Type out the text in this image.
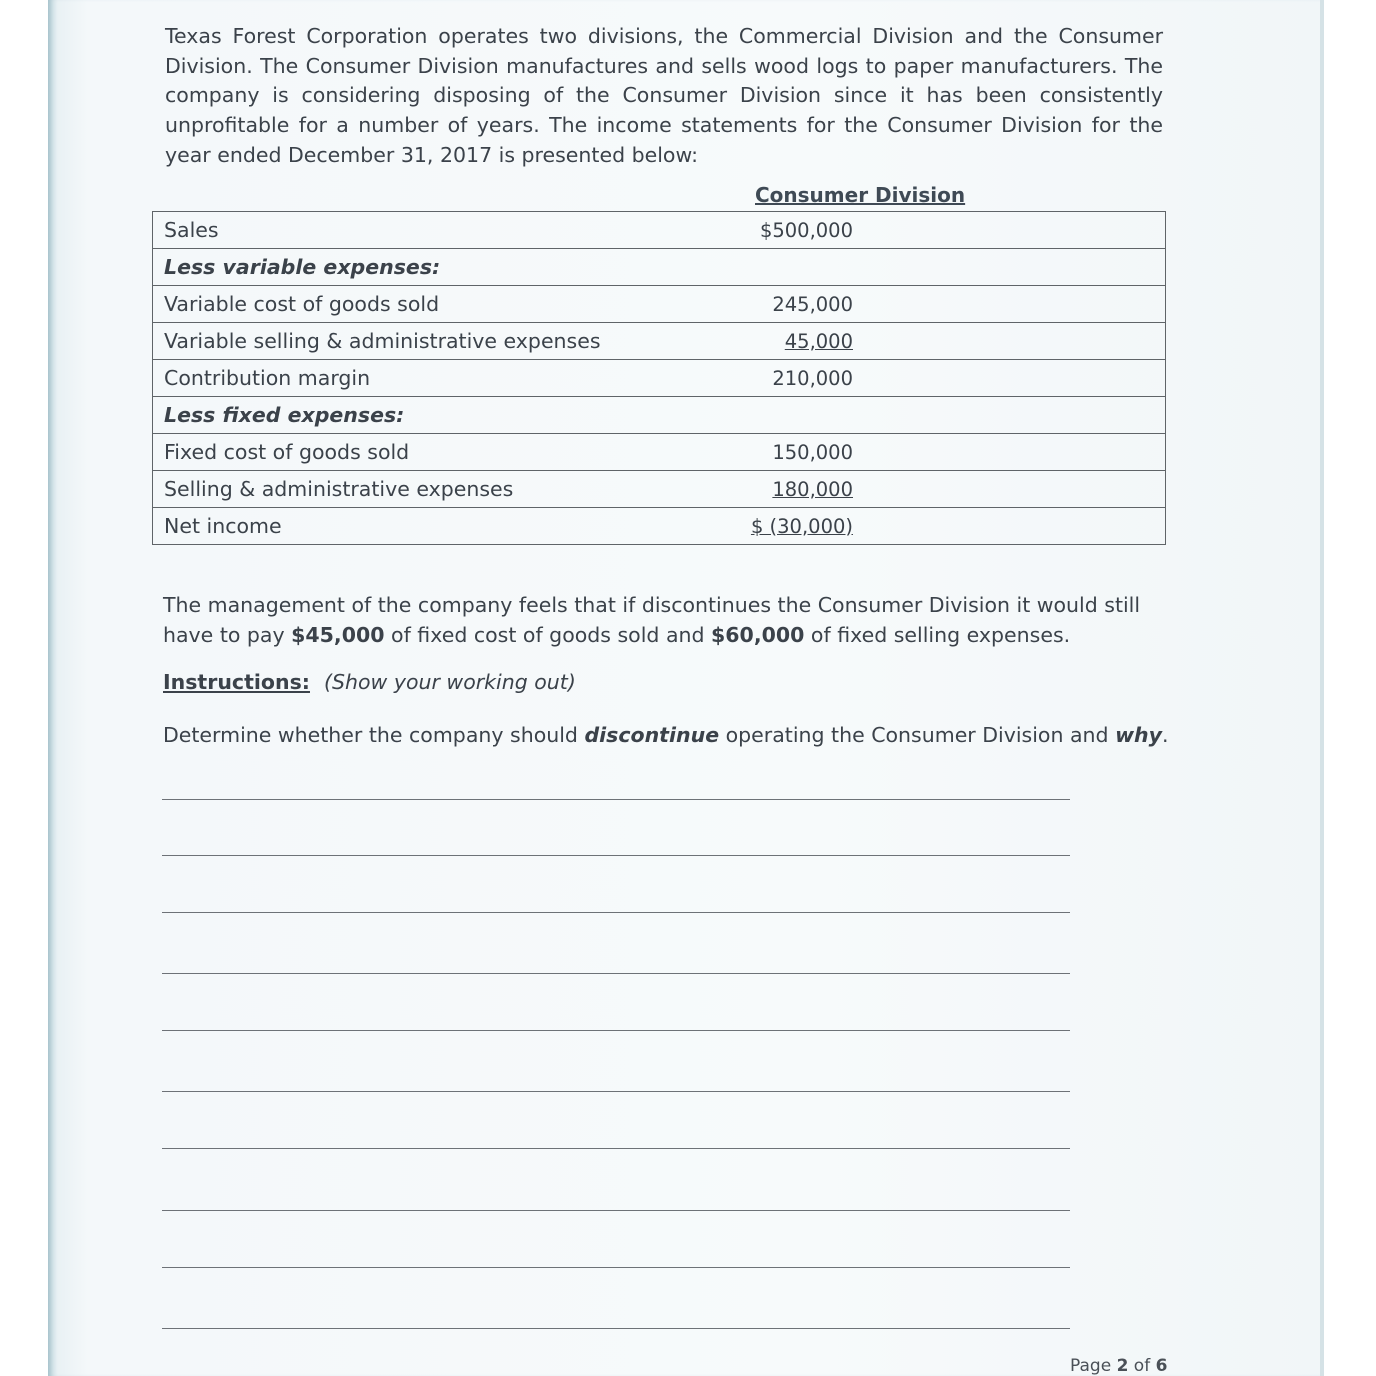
Texas Forest Corporation operates two divisions, the Commercial Division and the Consumer Division. The Consumer Division manufactures and sells wood logs to paper manufacturers. The company is considering disposing of the Consumer Division since it has been consistently unprofitable for a number of years. The income statements for the Consumer Division for the year ended December 31, 2017 is presented below:

Consumer Division

Sales	$500,000
Less variable expenses:	
Variable cost of goods sold	245,000
Variable selling & administrative expenses	45,000
Contribution margin	210,000
Less fixed expenses:	
Fixed cost of goods sold	150,000
Selling & administrative expenses	180,000
Net income	$ (30,000)

The management of the company feels that if discontinues the Consumer Division it would still have to pay $45,000 of fixed cost of goods sold and $60,000 of fixed selling expenses.

Instructions: (Show your working out)

Determine whether the company should discontinue operating the Consumer Division and why.

Page 2 of 6
